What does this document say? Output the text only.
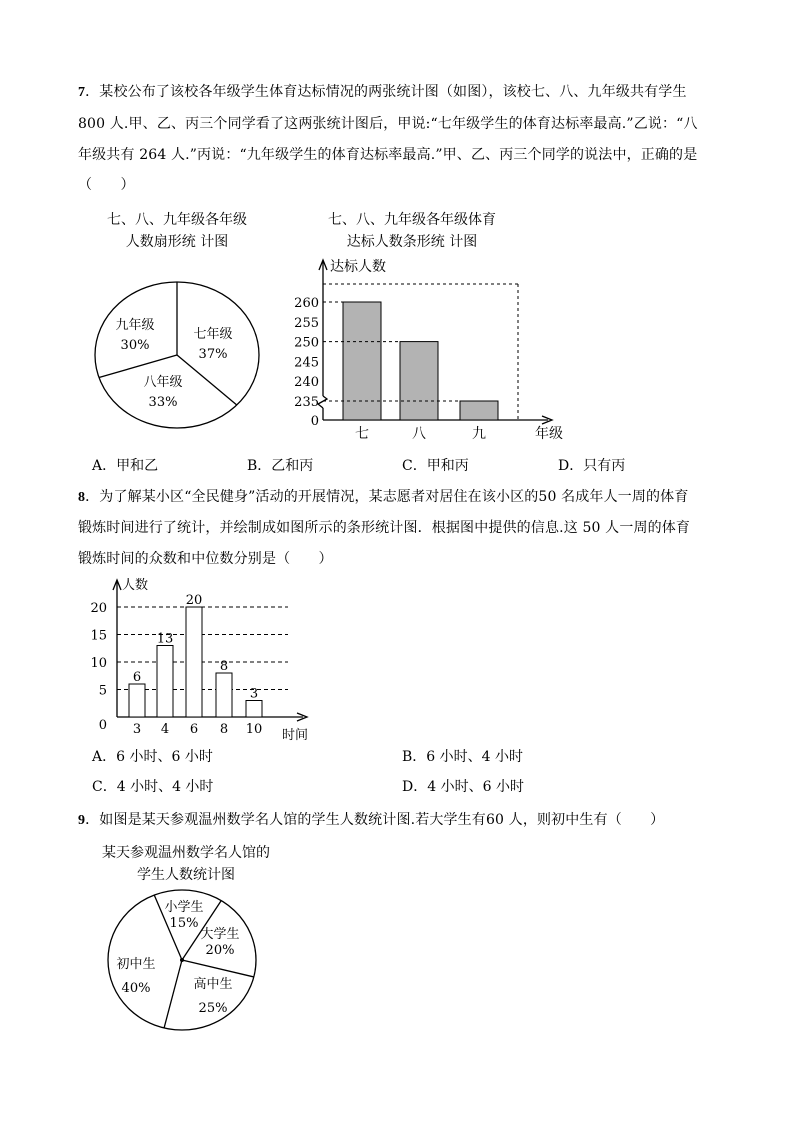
7．某校公布了该校各年级学生体育达标情况的两张统计图（如图），该校七、八、九年级共有学生
800 人.甲、乙、丙三个同学看了这两张统计图后，甲说:“七年级学生的体育达标率最高.”乙说：“八
年级共有 264 人.”丙说：“九年级学生的体育达标率最高.”甲、乙、丙三个同学的说法中，正确的是
（　　）
七、八、九年级各年级
人数扇形统 计图
七、八、九年级各年级体育
达标人数条形统 计图
七年级
37%
八年级
33%
九年级
30%
达标人数
年级
0
235
240
245
250
255
260
七	八	九
A．甲和乙	B．乙和丙	C．甲和丙	D．只有丙
8．为了解某小区“全民健身”活动的开展情况，某志愿者对居住在该小区的50 名成年人一周的体育
锻炼时间进行了统计，并绘制成如图所示的条形统计图．根据图中提供的信息.这 50 人一周的体育
锻炼时间的众数和中位数分别是（　　）
人数
时间
0
5
10
15
20
6
3
13
4
20
6
8
8
3
10
A．6 小时、6 小时	B．6 小时、4 小时
C．4 小时、4 小时	D．4 小时、6 小时
9．如图是某天参观温州数学名人馆的学生人数统计图.若大学生有60 人，则初中生有（　　）
某天参观温州数学名人馆的
学生人数统计图
小学生
15%
大学生
20%
高中生
25%
初中生
40%
